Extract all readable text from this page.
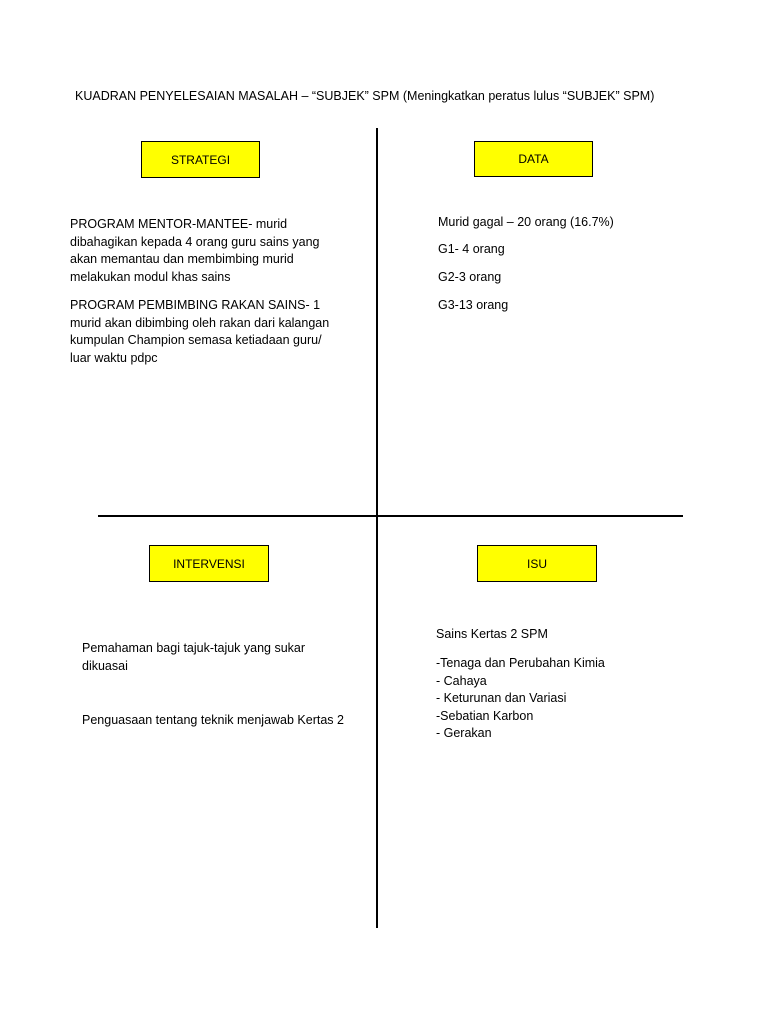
KUADRAN PENYELESAIAN MASALAH – “SUBJEK” SPM (Meningkatkan peratus lulus “SUBJEK” SPM)
STRATEGI

PROGRAM MENTOR-MANTEE- murid dibahagikan kepada 4 orang guru sains yang akan memantau dan membimbing murid melakukan modul khas sains

PROGRAM PEMBIMBING RAKAN SAINS- 1 murid akan dibimbing oleh rakan dari kalangan kumpulan Champion semasa ketiadaan guru/ luar waktu pdpc

DATA
Murid gagal – 20 orang (16.7%)
G1- 4 orang
G2-3 orang
G3-13 orang
INTERVENSI

Pemahaman bagi tajuk-tajuk yang sukar dikuasai

Penguasaan tentang teknik menjawab Kertas 2

ISU
Sains Kertas 2 SPM
-Tenaga dan Perubahan Kimia
- Cahaya
- Keturunan dan Variasi
-Sebatian Karbon
- Gerakan
